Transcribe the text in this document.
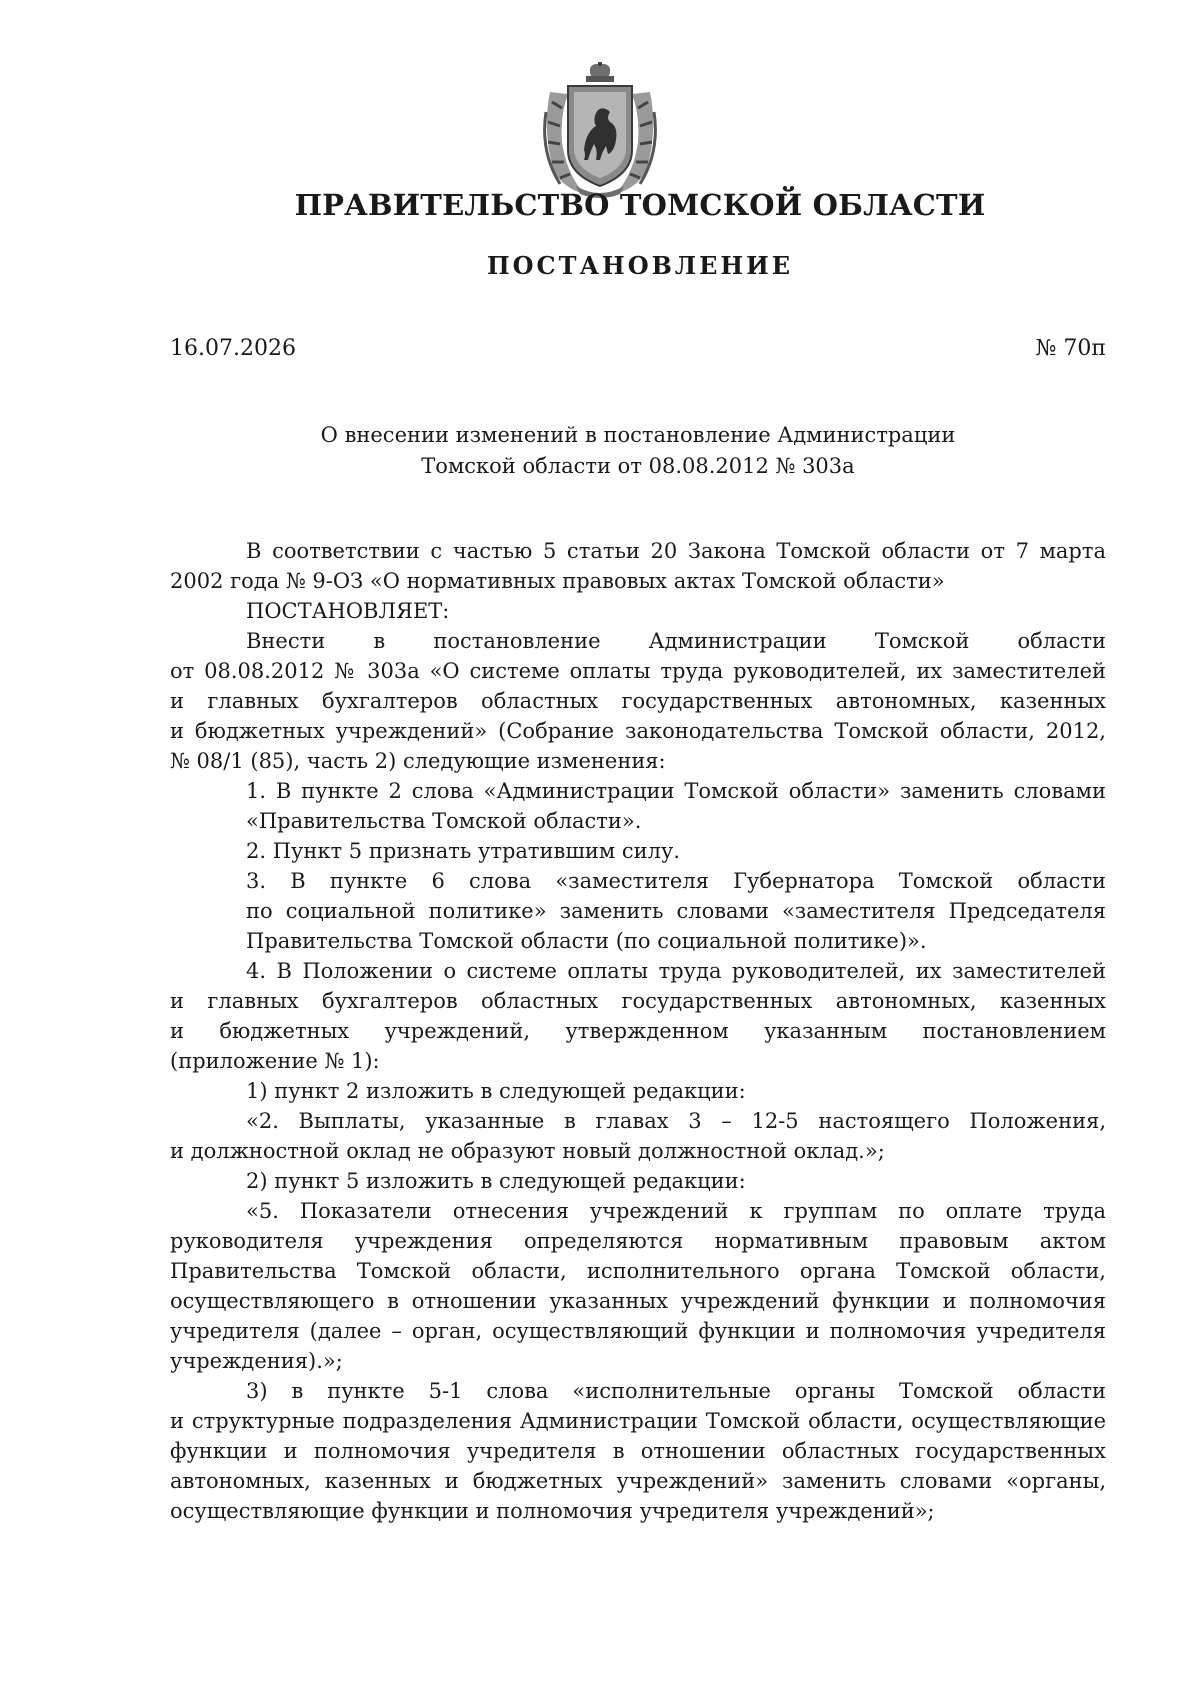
ПРАВИТЕЛЬСТВО ТОМСКОЙ ОБЛАСТИ
ПОСТАНОВЛЕНИЕ
16.07.2026	№ 70п
О внесении изменений в постановление Администрации
Томской области от 08.08.2012 № 303а
В соответствии с частью 5 статьи 20 Закона Томской области от 7 марта
2002 года № 9-ОЗ «О нормативных правовых актах Томской области»
ПОСТАНОВЛЯЕТ:
Внести в постановление Администрации Томской области
от 08.08.2012 № 303а «О системе оплаты труда руководителей, их заместителей
и главных бухгалтеров областных государственных автономных, казенных
и бюджетных учреждений» (Собрание законодательства Томской области, 2012,
№ 08/1 (85), часть 2) следующие изменения:
1. В пункте 2 слова «Администрации Томской области» заменить словами
«Правительства Томской области».
2. Пункт 5 признать утратившим силу.
3. В пункте 6 слова «заместителя Губернатора Томской области
по социальной политике» заменить словами «заместителя Председателя
Правительства Томской области (по социальной политике)».
4. В Положении о системе оплаты труда руководителей, их заместителей
и главных бухгалтеров областных государственных автономных, казенных
и бюджетных учреждений, утвержденном указанным постановлением
(приложение № 1):
1) пункт 2 изложить в следующей редакции:
«2. Выплаты, указанные в главах 3 – 12-5 настоящего Положения,
и должностной оклад не образуют новый должностной оклад.»;
2) пункт 5 изложить в следующей редакции:
«5. Показатели отнесения учреждений к группам по оплате труда
руководителя учреждения определяются нормативным правовым актом
Правительства Томской области, исполнительного органа Томской области,
осуществляющего в отношении указанных учреждений функции и полномочия
учредителя (далее – орган, осуществляющий функции и полномочия учредителя
учреждения).»;
3) в пункте 5-1 слова «исполнительные органы Томской области
и структурные подразделения Администрации Томской области, осуществляющие
функции и полномочия учредителя в отношении областных государственных
автономных, казенных и бюджетных учреждений» заменить словами «органы,
осуществляющие функции и полномочия учредителя учреждений»;
